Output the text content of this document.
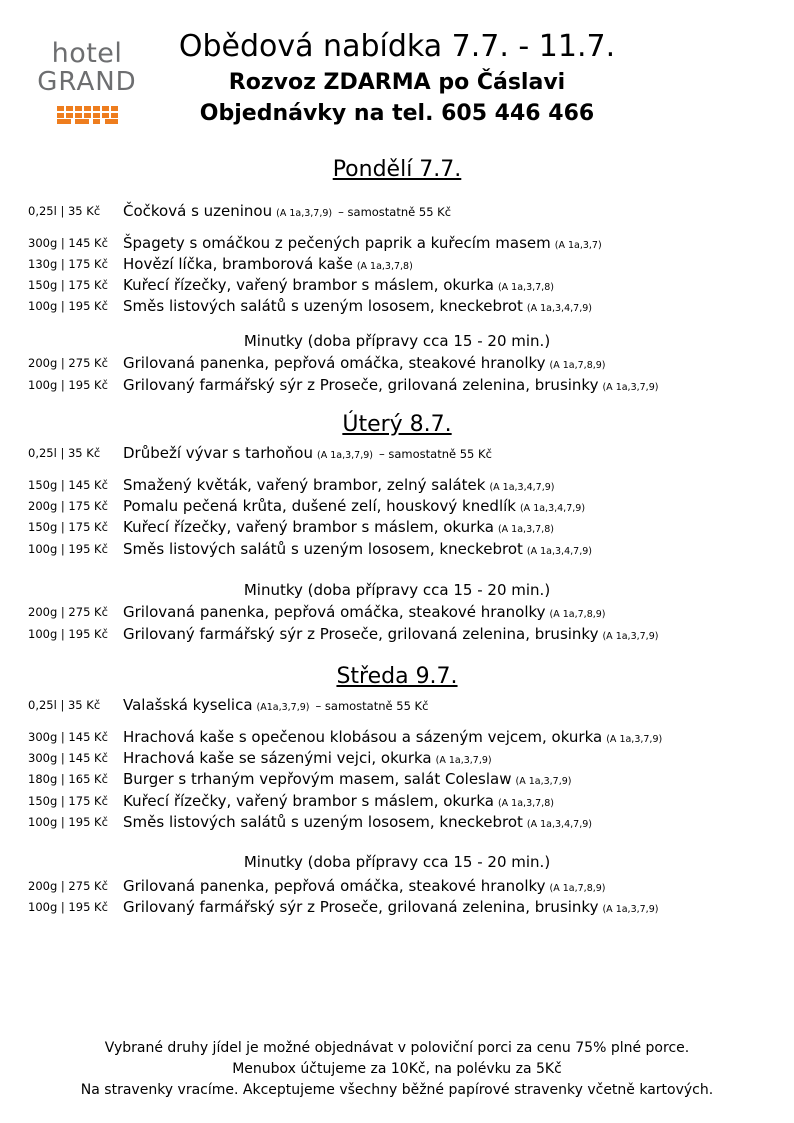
hotel
GRAND
Obědová nabídka 7.7. - 11.7.
Rozvoz ZDARMA po Čáslavi
Objednávky na tel. 605 446 466
Pondělí 7.7.
0,25l | 35 Kč Čočková s uzeninou (A 1a,3,7,9) – samostatně 55 Kč
300g | 145 Kč Špagety s omáčkou z pečených paprik a kuřecím masem (A 1a,3,7)
130g | 175 Kč Hovězí líčka, bramborová kaše (A 1a,3,7,8)
150g | 175 Kč Kuřecí řízečky, vařený brambor s máslem, okurka (A 1a,3,7,8)
100g | 195 Kč Směs listových salátů s uzeným lososem, kneckebrot (A 1a,3,4,7,9)
Minutky (doba přípravy cca 15 - 20 min.)
200g | 275 Kč Grilovaná panenka, pepřová omáčka, steakové hranolky (A 1a,7,8,9)
100g | 195 Kč Grilovaný farmářský sýr z Proseče, grilovaná zelenina, brusinky (A 1a,3,7,9)
Úterý 8.7.
0,25l | 35 Kč Drůbeží vývar s tarhoňou (A 1a,3,7,9) – samostatně 55 Kč
150g | 145 Kč Smažený květák, vařený brambor, zelný salátek (A 1a,3,4,7,9)
200g | 175 Kč Pomalu pečená krůta, dušené zelí, houskový knedlík (A 1a,3,4,7,9)
150g | 175 Kč Kuřecí řízečky, vařený brambor s máslem, okurka (A 1a,3,7,8)
100g | 195 Kč Směs listových salátů s uzeným lososem, kneckebrot (A 1a,3,4,7,9)
Minutky (doba přípravy cca 15 - 20 min.)
200g | 275 Kč Grilovaná panenka, pepřová omáčka, steakové hranolky (A 1a,7,8,9)
100g | 195 Kč Grilovaný farmářský sýr z Proseče, grilovaná zelenina, brusinky (A 1a,3,7,9)
Středa 9.7.
0,25l | 35 Kč Valašská kyselica (A1a,3,7,9) – samostatně 55 Kč
300g | 145 Kč Hrachová kaše s opečenou klobásou a sázeným vejcem, okurka (A 1a,3,7,9)
300g | 145 Kč Hrachová kaše se sázenými vejci, okurka (A 1a,3,7,9)
180g | 165 Kč Burger s trhaným vepřovým masem, salát Coleslaw (A 1a,3,7,9)
150g | 175 Kč Kuřecí řízečky, vařený brambor s máslem, okurka (A 1a,3,7,8)
100g | 195 Kč Směs listových salátů s uzeným lososem, kneckebrot (A 1a,3,4,7,9)
Minutky (doba přípravy cca 15 - 20 min.)
200g | 275 Kč Grilovaná panenka, pepřová omáčka, steakové hranolky (A 1a,7,8,9)
100g | 195 Kč Grilovaný farmářský sýr z Proseče, grilovaná zelenina, brusinky (A 1a,3,7,9)
Vybrané druhy jídel je možné objednávat v poloviční porci za cenu 75% plné porce.
Menubox účtujeme za 10Kč, na polévku za 5Kč
Na stravenky vracíme. Akceptujeme všechny běžné papírové stravenky včetně kartových.
